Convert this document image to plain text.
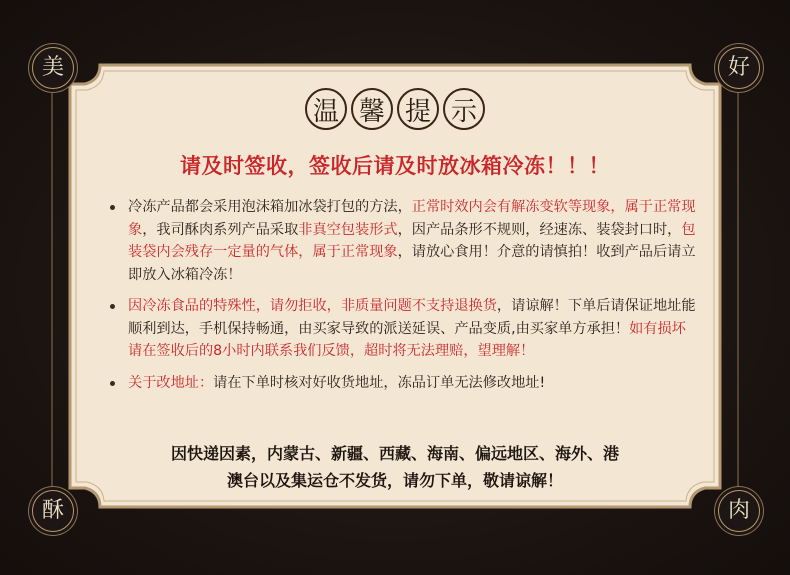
美	好
酥	肉
温 馨 提 示
请及时签收，签收后请及时放冰箱冷冻！！！
冷冻产品都会采用泡沫箱加冰袋打包的方法，正常时效内会有解冻变软等现象，属于正常现象，我司酥肉系列产品采取非真空包装形式，因产品条形不规则，经速冻、装袋封口时，包装袋内会残存一定量的气体，属于正常现象，请放心食用！介意的请慎拍！收到产品后请立即放入冰箱冷冻！
因冷冻食品的特殊性，请勿拒收，非质量问题不支持退换货，请谅解！下单后请保证地址能顺利到达，手机保持畅通，由买家导致的派送延误、产品变质,由买家单方承担！如有损坏请在签收后的8小时内联系我们反馈，超时将无法理赔，望理解！
关于改地址：请在下单时核对好收货地址，冻品订单无法修改地址!
因快递因素，内蒙古、新疆、西藏、海南、偏远地区、海外、港
澳台以及集运仓不发货，请勿下单，敬请谅解！
